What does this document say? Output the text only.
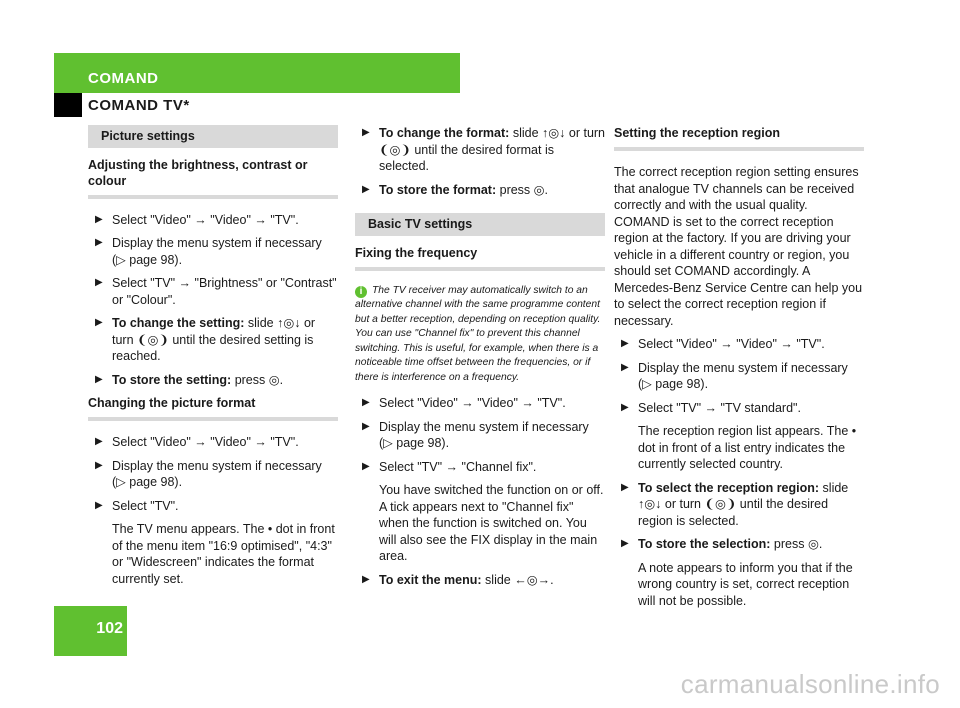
COMAND
COMAND TV*
Picture settings
Adjusting the brightness, contrast or colour
▶ Select "Video" → "Video" → "TV".
▶ Display the menu system if necessary (▷ page 98).
▶ Select "TV" → "Brightness" or "Contrast" or "Colour".
▶ To change the setting: slide ↑◎↓ or turn ❨◎❩ until the desired setting is reached.
▶ To store the setting: press ◎.
Changing the picture format
▶ Select "Video" → "Video" → "TV".
▶ Display the menu system if necessary (▷ page 98).
▶ Select "TV".
The TV menu appears. The • dot in front of the menu item "16:9 optimised", "4:3" or "Widescreen" indicates the format currently set.
▶ To change the format: slide ↑◎↓ or turn ❨◎❩ until the desired format is selected.
▶ To store the format: press ◎.
Basic TV settings
Fixing the frequency
i The TV receiver may automatically switch to an alternative channel with the same programme content but a better reception, depending on reception quality. You can use "Channel fix" to prevent this channel switching. This is useful, for example, when there is a noticeable time offset between the frequencies, or if there is interference on a frequency.
▶ Select "Video" → "Video" → "TV".
▶ Display the menu system if necessary (▷ page 98).
▶ Select "TV" → "Channel fix".
You have switched the function on or off. A tick appears next to "Channel fix" when the function is switched on. You will also see the FIX display in the main area.
▶ To exit the menu: slide ←◎→.
Setting the reception region
The correct reception region setting ensures that analogue TV channels can be received correctly and with the usual quality. COMAND is set to the correct reception region at the factory. If you are driving your vehicle in a different country or region, you should set COMAND accordingly. A Mercedes-Benz Service Centre can help you to select the correct reception region if necessary.
▶ Select "Video" → "Video" → "TV".
▶ Display the menu system if necessary (▷ page 98).
▶ Select "TV" → "TV standard".
The reception region list appears. The • dot in front of a list entry indicates the currently selected country.
▶ To select the reception region: slide ↑◎↓ or turn ❨◎❩ until the desired region is selected.
▶ To store the selection: press ◎.
A note appears to inform you that if the wrong country is set, correct reception will not be possible.
102
carmanualsonline.info
